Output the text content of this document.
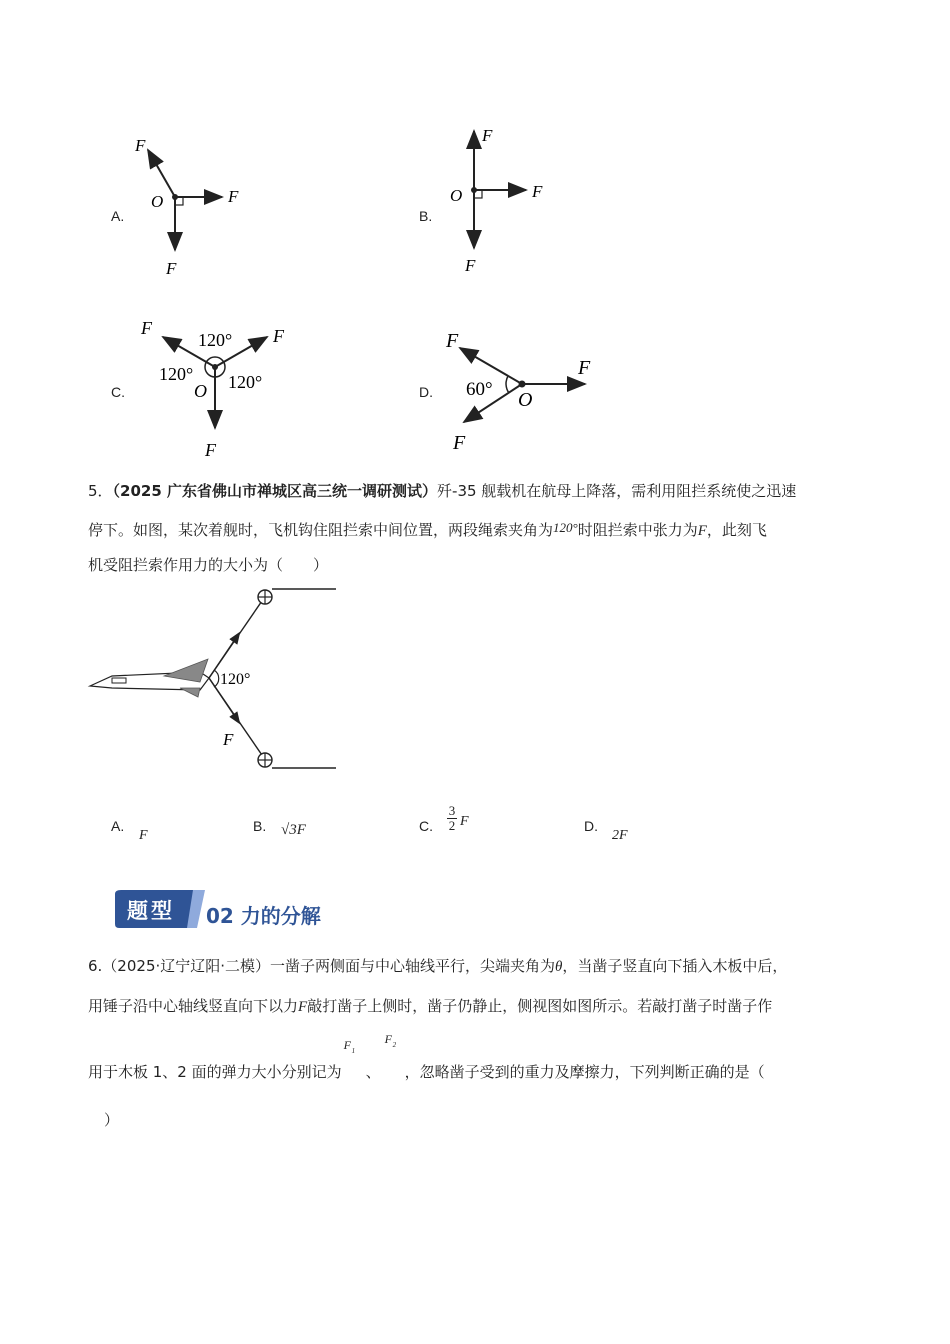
F
F
F
O
F
F
F
O
F	F
F
O
120°
120° 120°
F
F
F
O
60°
A.	B.
C.	D.
5．（2025 广东省佛山市禅城区高三统一调研测试）歼-35 舰载机在航母上降落，需利用阻拦系统使之迅速
停下。如图，某次着舰时，飞机钩住阻拦索中间位置，两段绳索夹角为120°时阻拦索中张力为F，此刻飞
机受阻拦索作用力的大小为（　　）
120°
F
A.
F
B. √3F	C.
3
2 F	D.
2F
题型 02 力的分解
6.（2025·辽宁辽阳·二模）一凿子两侧面与中心轴线平行，尖端夹角为θ，当凿子竖直向下插入木板中后，
用锤子沿中心轴线竖直向下以力F敲打凿子上侧时，凿子仍静止，侧视图如图所示。若敲打凿子时凿子作
用于木板 1、2 面的弹力大小分别记为
F 1
、
F 2
，忽略凿子受到的重力及摩擦力，下列判断正确的是（
）
